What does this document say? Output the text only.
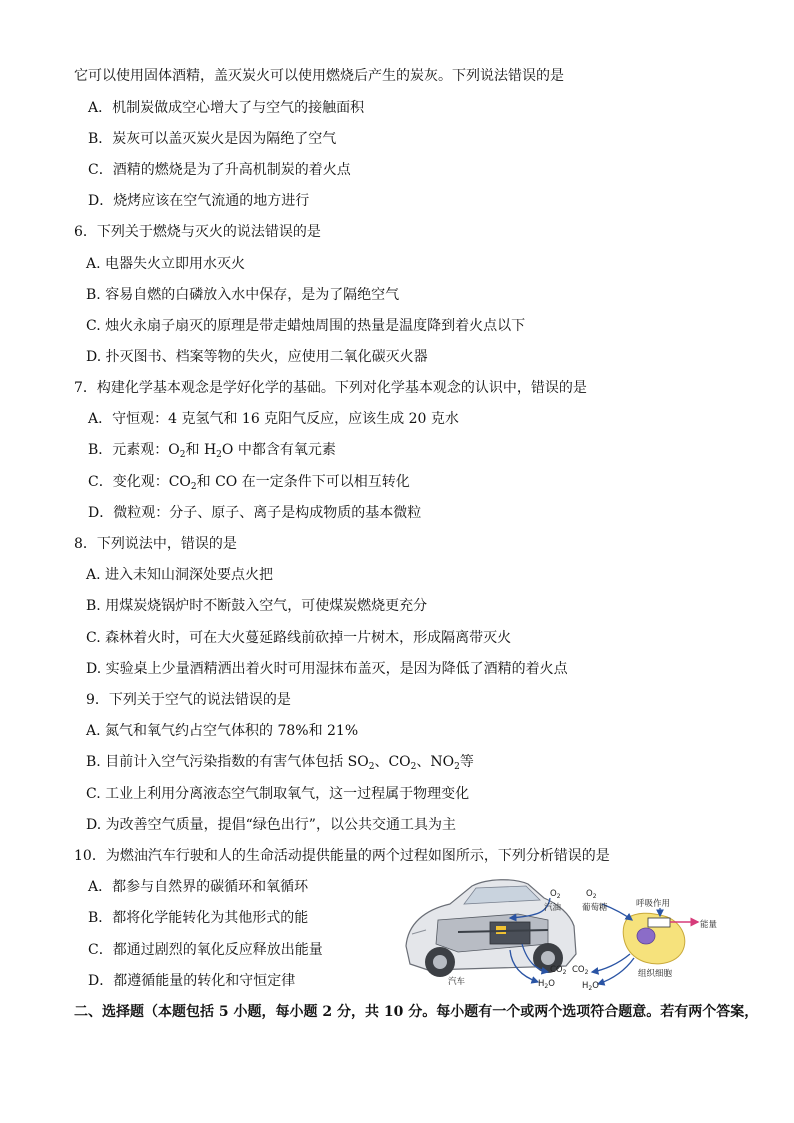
它可以使用固体酒精，盖灭炭火可以使用燃烧后产生的炭灰。下列说法错误的是
A．机制炭做成空心增大了与空气的接触面积
B．炭灰可以盖灭炭火是因为隔绝了空气
C．酒精的燃烧是为了升高机制炭的着火点
D．烧烤应该在空气流通的地方进行
6．下列关于燃烧与灭火的说法错误的是
A. 电器失火立即用水灭火
B. 容易自燃的白磷放入水中保存，是为了隔绝空气
C. 烛火永扇子扇灭的原理是带走蜡烛周围的热量是温度降到着火点以下
D. 扑灭图书、档案等物的失火，应使用二氧化碳灭火器
7．构建化学基本观念是学好化学的基础。下列对化学基本观念的认识中，错误的是
A．守恒观：4 克氢气和 16 克阳气反应，应该生成 20 克水
B．元素观：$O_2$和 $H_2O$ 中都含有氧元素
C．变化观：$CO_2$和 CO 在一定条件下可以相互转化
D．微粒观：分子、原子、离子是构成物质的基本微粒
8．下列说法中，错误的是
A. 进入未知山洞深处要点火把
B. 用煤炭烧锅炉时不断鼓入空气，可使煤炭燃烧更充分
C. 森林着火时，可在大火蔓延路线前砍掉一片树木，形成隔离带灭火
D. 实验桌上少量酒精洒出着火时可用湿抹布盖灭，是因为降低了酒精的着火点
9．下列关于空气的说法错误的是
A. 氮气和氧气约占空气体积的 78%和 21%
B. 目前计入空气污染指数的有害气体包括 $SO_2$、$CO_2$、$NO_2$等
C. 工业上利用分离液态空气制取氧气，这一过程属于物理变化
D. 为改善空气质量，提倡“绿色出行”，以公共交通工具为主
10．为燃油汽车行驶和人的生命活动提供能量的两个过程如图所示，下列分析错误的是
A．都参与自然界的碳循环和氧循环
B．都将化学能转化为其他形式的能
C．都通过剧烈的氧化反应释放出能量
D．都遵循能量的转化和守恒定律
$O_2$
汽油
汽车
$CO_2$
$H_2O$
$O_2$
葡萄糖	呼吸作用
能量
$CO_2$
$H_2O$
组织细胞
二、选择题（本题包括 5 小题，每小题 2 分，共 10 分。每小题有一个或两个选项符合题意。若有两个答案，
